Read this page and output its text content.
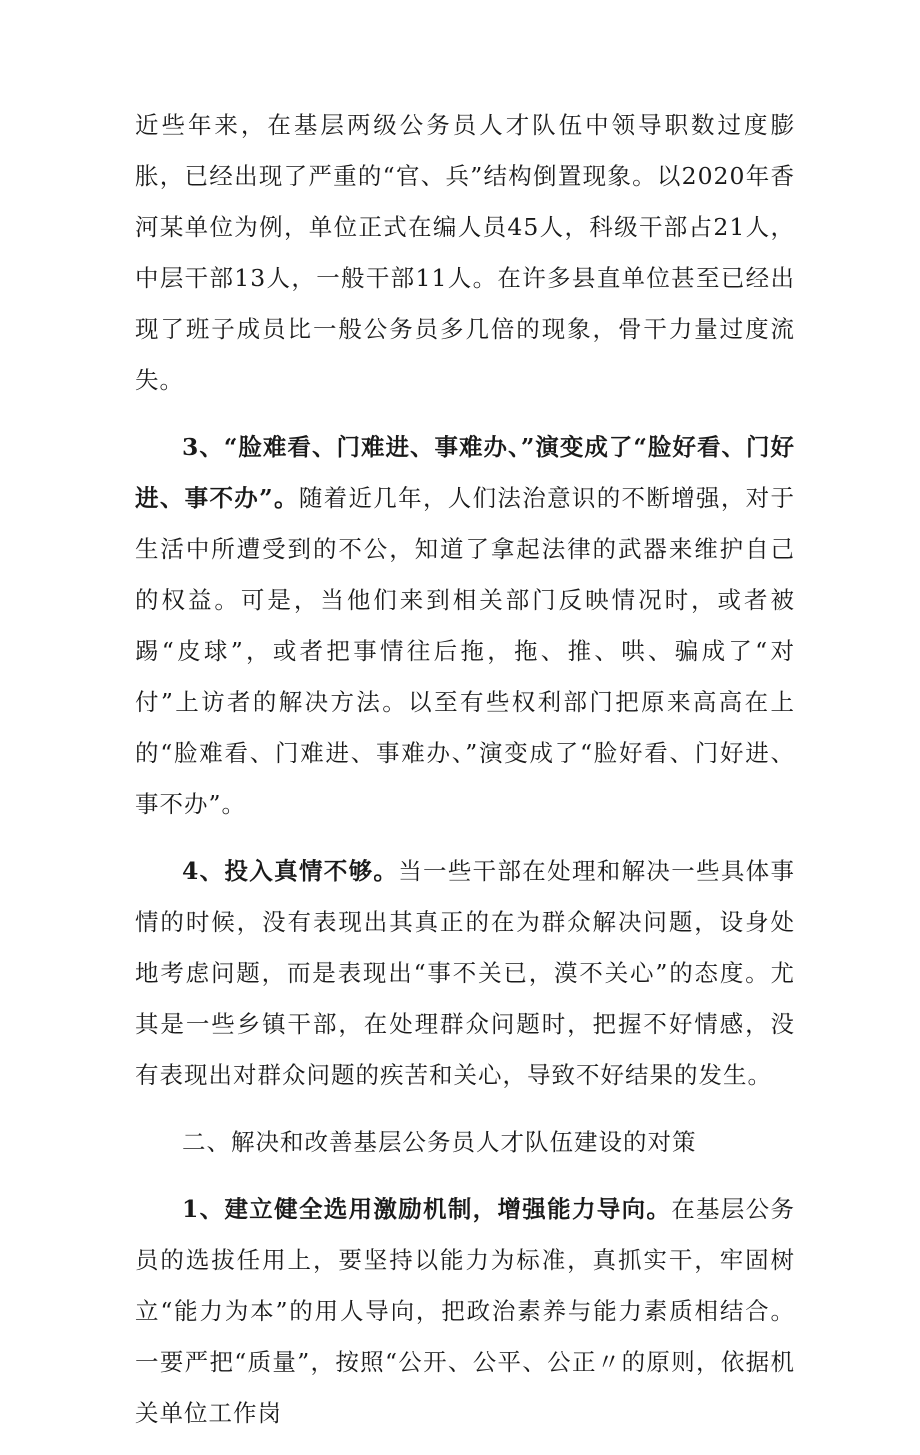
近些年来，在基层两级公务员人才队伍中领导职数过度膨胀，已经出现了严重的“官、兵”结构倒置现象。以2020年香河某单位为例，单位正式在编人员45人，科级干部占21人，中层干部13人，一般干部11人。在许多县直单位甚至已经出现了班子成员比一般公务员多几倍的现象，骨干力量过度流失。

3、“脸难看、门难进、事难办、”演变成了“脸好看、门好进、事不办”。随着近几年，人们法治意识的不断增强，对于生活中所遭受到的不公，知道了拿起法律的武器来维护自己的权益。可是，当他们来到相关部门反映情况时，或者被踢“皮球”，或者把事情往后拖，拖、推、哄、骗成了“对付”上访者的解决方法。以至有些权利部门把原来高高在上的“脸难看、门难进、事难办、”演变成了“脸好看、门好进、事不办”。

4、投入真情不够。当一些干部在处理和解决一些具体事情的时候，没有表现出其真正的在为群众解决问题，设身处地考虑问题，而是表现出“事不关已，漠不关心”的态度。尤其是一些乡镇干部，在处理群众问题时，把握不好情感，没有表现出对群众问题的疾苦和关心，导致不好结果的发生。

二、解决和改善基层公务员人才队伍建设的对策

1、建立健全选用激励机制，增强能力导向。在基层公务员的选拔任用上，要坚持以能力为标准，真抓实干，牢固树立“能力为本”的用人导向，把政治素养与能力素质相结合。一要严把“质量”，按照“公开、公平、公正〃的原则，依据机关单位工作岗
